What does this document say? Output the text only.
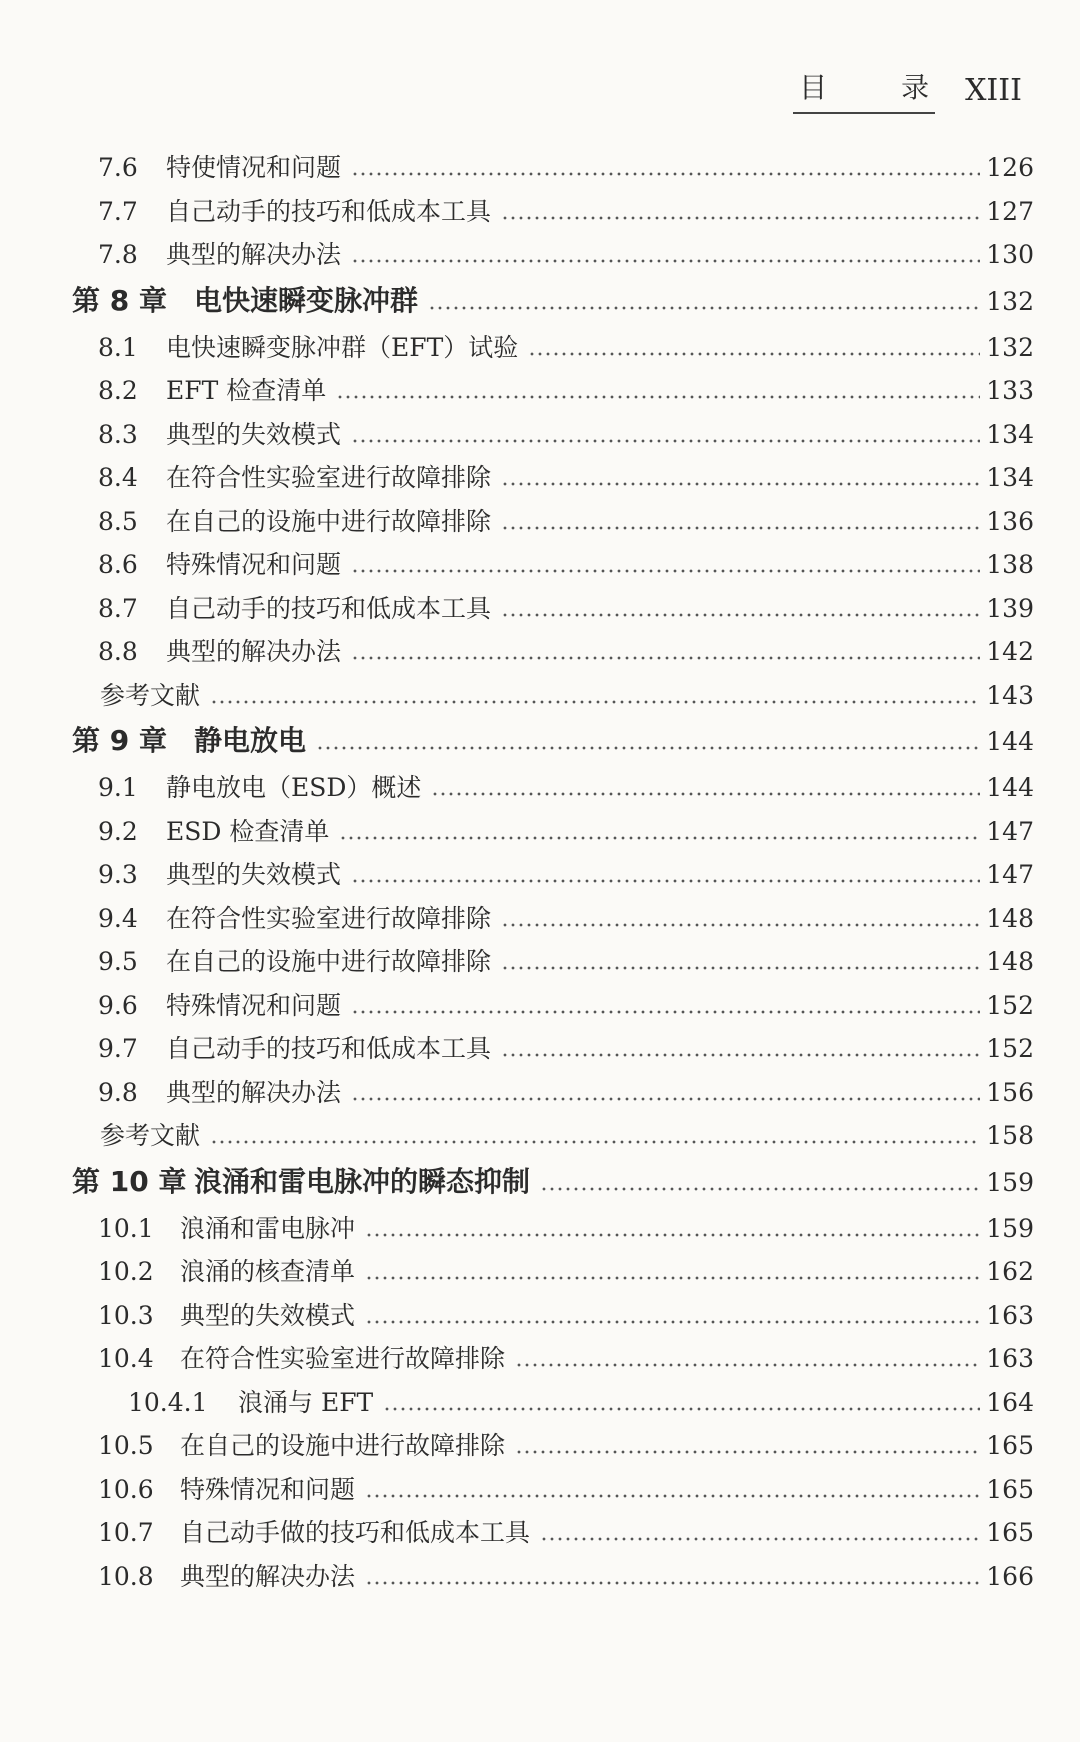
目	录 XIII
7.6	特使情况和问题	126
7.7	自己动手的技巧和低成本工具	127
7.8	典型的解决办法	130
第 8 章 电快速瞬变脉冲群	132
8.1	电快速瞬变脉冲群（EFT）试验	132
8.2	EFT 检查清单	133
8.3	典型的失效模式	134
8.4	在符合性实验室进行故障排除	134
8.5	在自己的设施中进行故障排除	136
8.6	特殊情况和问题	138
8.7	自己动手的技巧和低成本工具	139
8.8	典型的解决办法	142
参考文献	143
第 9 章 静电放电	144
9.1	静电放电（ESD）概述	144
9.2	ESD 检查清单	147
9.3	典型的失效模式	147
9.4	在符合性实验室进行故障排除	148
9.5	在自己的设施中进行故障排除	148
9.6	特殊情况和问题	152
9.7	自己动手的技巧和低成本工具	152
9.8	典型的解决办法	156
参考文献	158
第 10 章 浪涌和雷电脉冲的瞬态抑制	159
10.1	浪涌和雷电脉冲	159
10.2	浪涌的核查清单	162
10.3	典型的失效模式	163
10.4	在符合性实验室进行故障排除	163
10.4.1	浪涌与 EFT	164
10.5	在自己的设施中进行故障排除	165
10.6	特殊情况和问题	165
10.7	自己动手做的技巧和低成本工具	165
10.8	典型的解决办法	166
